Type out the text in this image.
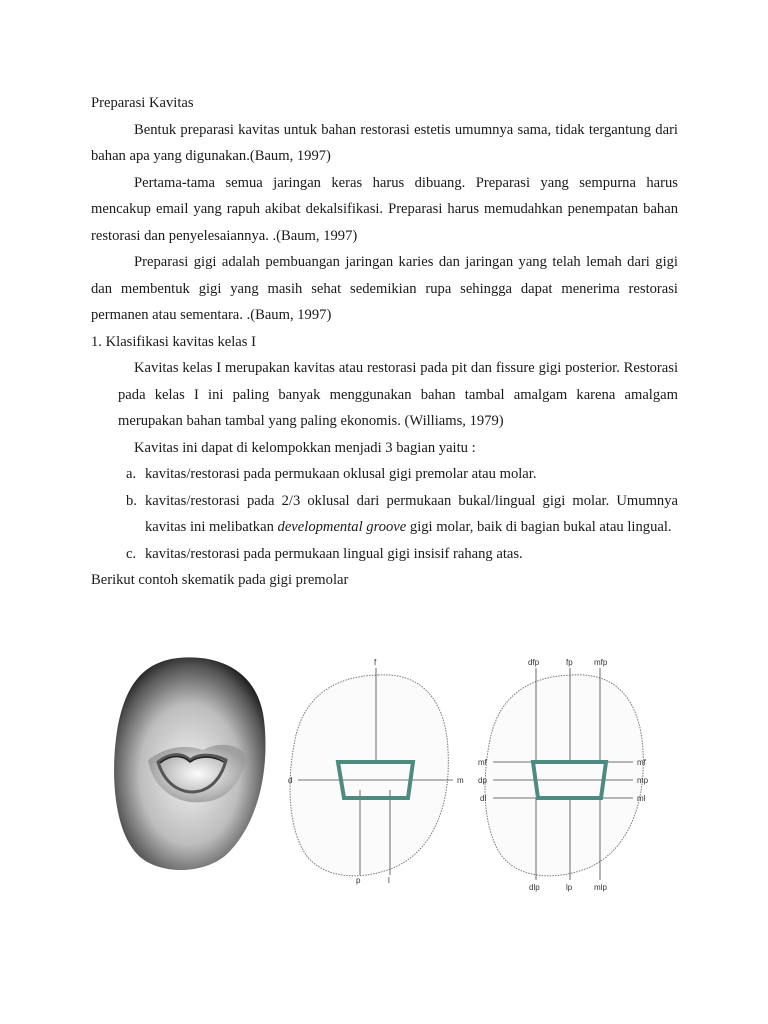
Preparasi Kavitas

Bentuk preparasi kavitas untuk bahan restorasi estetis umumnya sama, tidak tergantung dari bahan apa yang digunakan.(Baum, 1997)

Pertama-tama semua jaringan keras harus dibuang. Preparasi yang sempurna harus mencakup email yang rapuh akibat dekalsifikasi. Preparasi harus memudahkan penempatan bahan restorasi dan penyelesaiannya. .(Baum, 1997)

Preparasi gigi adalah pembuangan jaringan karies dan jaringan yang telah lemah dari gigi dan membentuk gigi yang masih sehat sedemikian rupa sehingga dapat menerima restorasi permanen atau sementara. .(Baum, 1997)

1. Klasifikasi kavitas kelas I

Kavitas kelas I merupakan kavitas atau restorasi pada pit dan fissure gigi posterior. Restorasi pada kelas I ini paling banyak menggunakan bahan tambal amalgam karena amalgam merupakan bahan tambal yang paling ekonomis. (Williams, 1979)

Kavitas ini dapat di kelompokkan menjadi 3 bagian yaitu :

a. kavitas/restorasi pada permukaan oklusal gigi premolar atau molar.
b. kavitas/restorasi pada 2/3 oklusal dari permukaan bukal/lingual gigi molar. Umumnya kavitas ini melibatkan developmental groove gigi molar, baik di bagian bukal atau lingual.
c. kavitas/restorasi pada permukaan lingual gigi insisif rahang atas.

Berikut contoh skematik pada gigi premolar

f
d	m
p	l
dfp	fp	mfp
mf
dp
dl
mf
mp
ml
dlp	lp	mlp
